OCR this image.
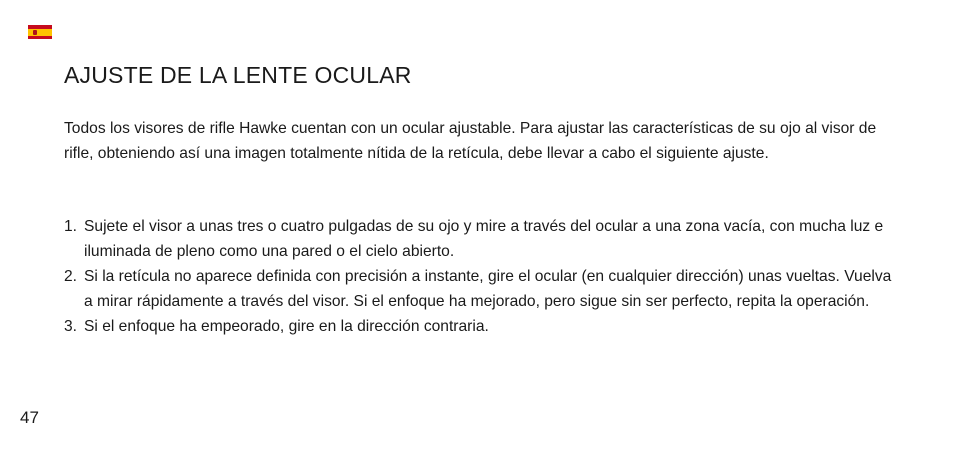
AJUSTE DE LA LENTE OCULAR

Todos los visores de rifle Hawke cuentan con un ocular ajustable. Para ajustar las características de su ojo al visor de rifle, obteniendo así una imagen totalmente nítida de la retícula, debe llevar a cabo el siguiente ajuste.

1. Sujete el visor a unas tres o cuatro pulgadas de su ojo y mire a través del ocular a una zona vacía, con mucha luz e iluminada de pleno como una pared o el cielo abierto.
2. Si la retícula no aparece definida con precisión a instante, gire el ocular (en cualquier dirección) unas vueltas. Vuelva a mirar rápidamente a través del visor. Si el enfoque ha mejorado, pero sigue sin ser perfecto, repita la operación.
3. Si el enfoque ha empeorado, gire en la dirección contraria.
47
